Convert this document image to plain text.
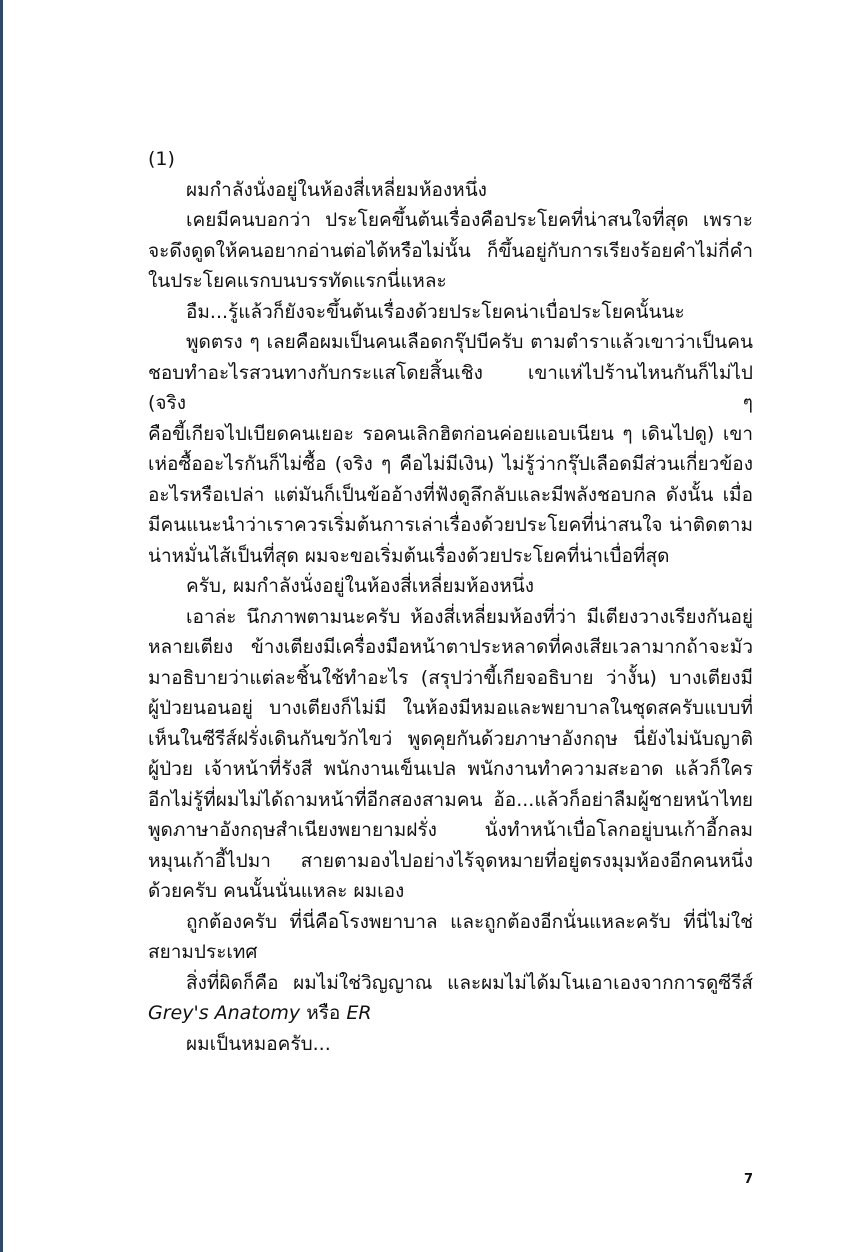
(1)

ผมกำลังนั่งอยู่ในห้องสี่เหลี่ยมห้องหนึ่ง

เคยมีคนบอกว่า ประโยคขึ้นต้นเรื่องคือประโยคที่น่าสนใจที่สุด เพราะ
จะดึงดูดให้คนอยากอ่านต่อได้หรือไม่นั้น ก็ขึ้นอยู่กับการเรียงร้อยคำไม่กี่คำ
ในประโยคแรกบนบรรทัดแรกนี่แหละ

อืม...รู้แล้วก็ยังจะขึ้นต้นเรื่องด้วยประโยคน่าเบื่อประโยคนั้นนะ

พูดตรง ๆ เลยคือผมเป็นคนเลือดกรุ๊ปบีครับ ตามตำราแล้วเขาว่าเป็นคน
ชอบทำอะไรสวนทางกับกระแสโดยสิ้นเชิง เขาแห่ไปร้านไหนกันก็ไม่ไป (จริง ๆ
คือขี้เกียจไปเบียดคนเยอะ รอคนเลิกฮิตก่อนค่อยแอบเนียน ๆ เดินไปดู) เขา
เห่อซื้ออะไรกันก็ไม่ซื้อ (จริง ๆ คือไม่มีเงิน) ไม่รู้ว่ากรุ๊ปเลือดมีส่วนเกี่ยวข้อง
อะไรหรือเปล่า แต่มันก็เป็นข้ออ้างที่ฟังดูลึกลับและมีพลังชอบกล ดังนั้น เมื่อ
มีคนแนะนำว่าเราควรเริ่มต้นการเล่าเรื่องด้วยประโยคที่น่าสนใจ น่าติดตาม
น่าหมั่นไส้เป็นที่สุด ผมจะขอเริ่มต้นเรื่องด้วยประโยคที่น่าเบื่อที่สุด

ครับ, ผมกำลังนั่งอยู่ในห้องสี่เหลี่ยมห้องหนึ่ง

เอาล่ะ นึกภาพตามนะครับ ห้องสี่เหลี่ยมห้องที่ว่า มีเตียงวางเรียงกันอยู่
หลายเตียง ข้างเตียงมีเครื่องมือหน้าตาประหลาดที่คงเสียเวลามากถ้าจะมัว
มาอธิบายว่าแต่ละชิ้นใช้ทำอะไร (สรุปว่าขี้เกียจอธิบาย ว่างั้น) บางเตียงมี
ผู้ป่วยนอนอยู่ บางเตียงก็ไม่มี ในห้องมีหมอและพยาบาลในชุดสครับแบบที่
เห็นในซีรีส์ฝรั่งเดินกันขวักไขว่ พูดคุยกันด้วยภาษาอังกฤษ นี่ยังไม่นับญาติ
ผู้ป่วย เจ้าหน้าที่รังสี พนักงานเข็นเปล พนักงานทำความสะอาด แล้วก็ใคร
อีกไม่รู้ที่ผมไม่ได้ถามหน้าที่อีกสองสามคน อ้อ...แล้วก็อย่าลืมผู้ชายหน้าไทย
พูดภาษาอังกฤษสำเนียงพยายามฝรั่ง นั่งทำหน้าเบื่อโลกอยู่บนเก้าอี้กลม
หมุนเก้าอี้ไปมา สายตามองไปอย่างไร้จุดหมายที่อยู่ตรงมุมห้องอีกคนหนึ่ง
ด้วยครับ คนนั้นนั่นแหละ ผมเอง

ถูกต้องครับ ที่นี่คือโรงพยาบาล และถูกต้องอีกนั่นแหละครับ ที่นี่ไม่ใช่
สยามประเทศ

สิ่งที่ผิดก็คือ ผมไม่ใช่วิญญาณ และผมไม่ได้มโนเอาเองจากการดูซีรีส์
Grey's Anatomy หรือ ER

ผมเป็นหมอครับ...

7
